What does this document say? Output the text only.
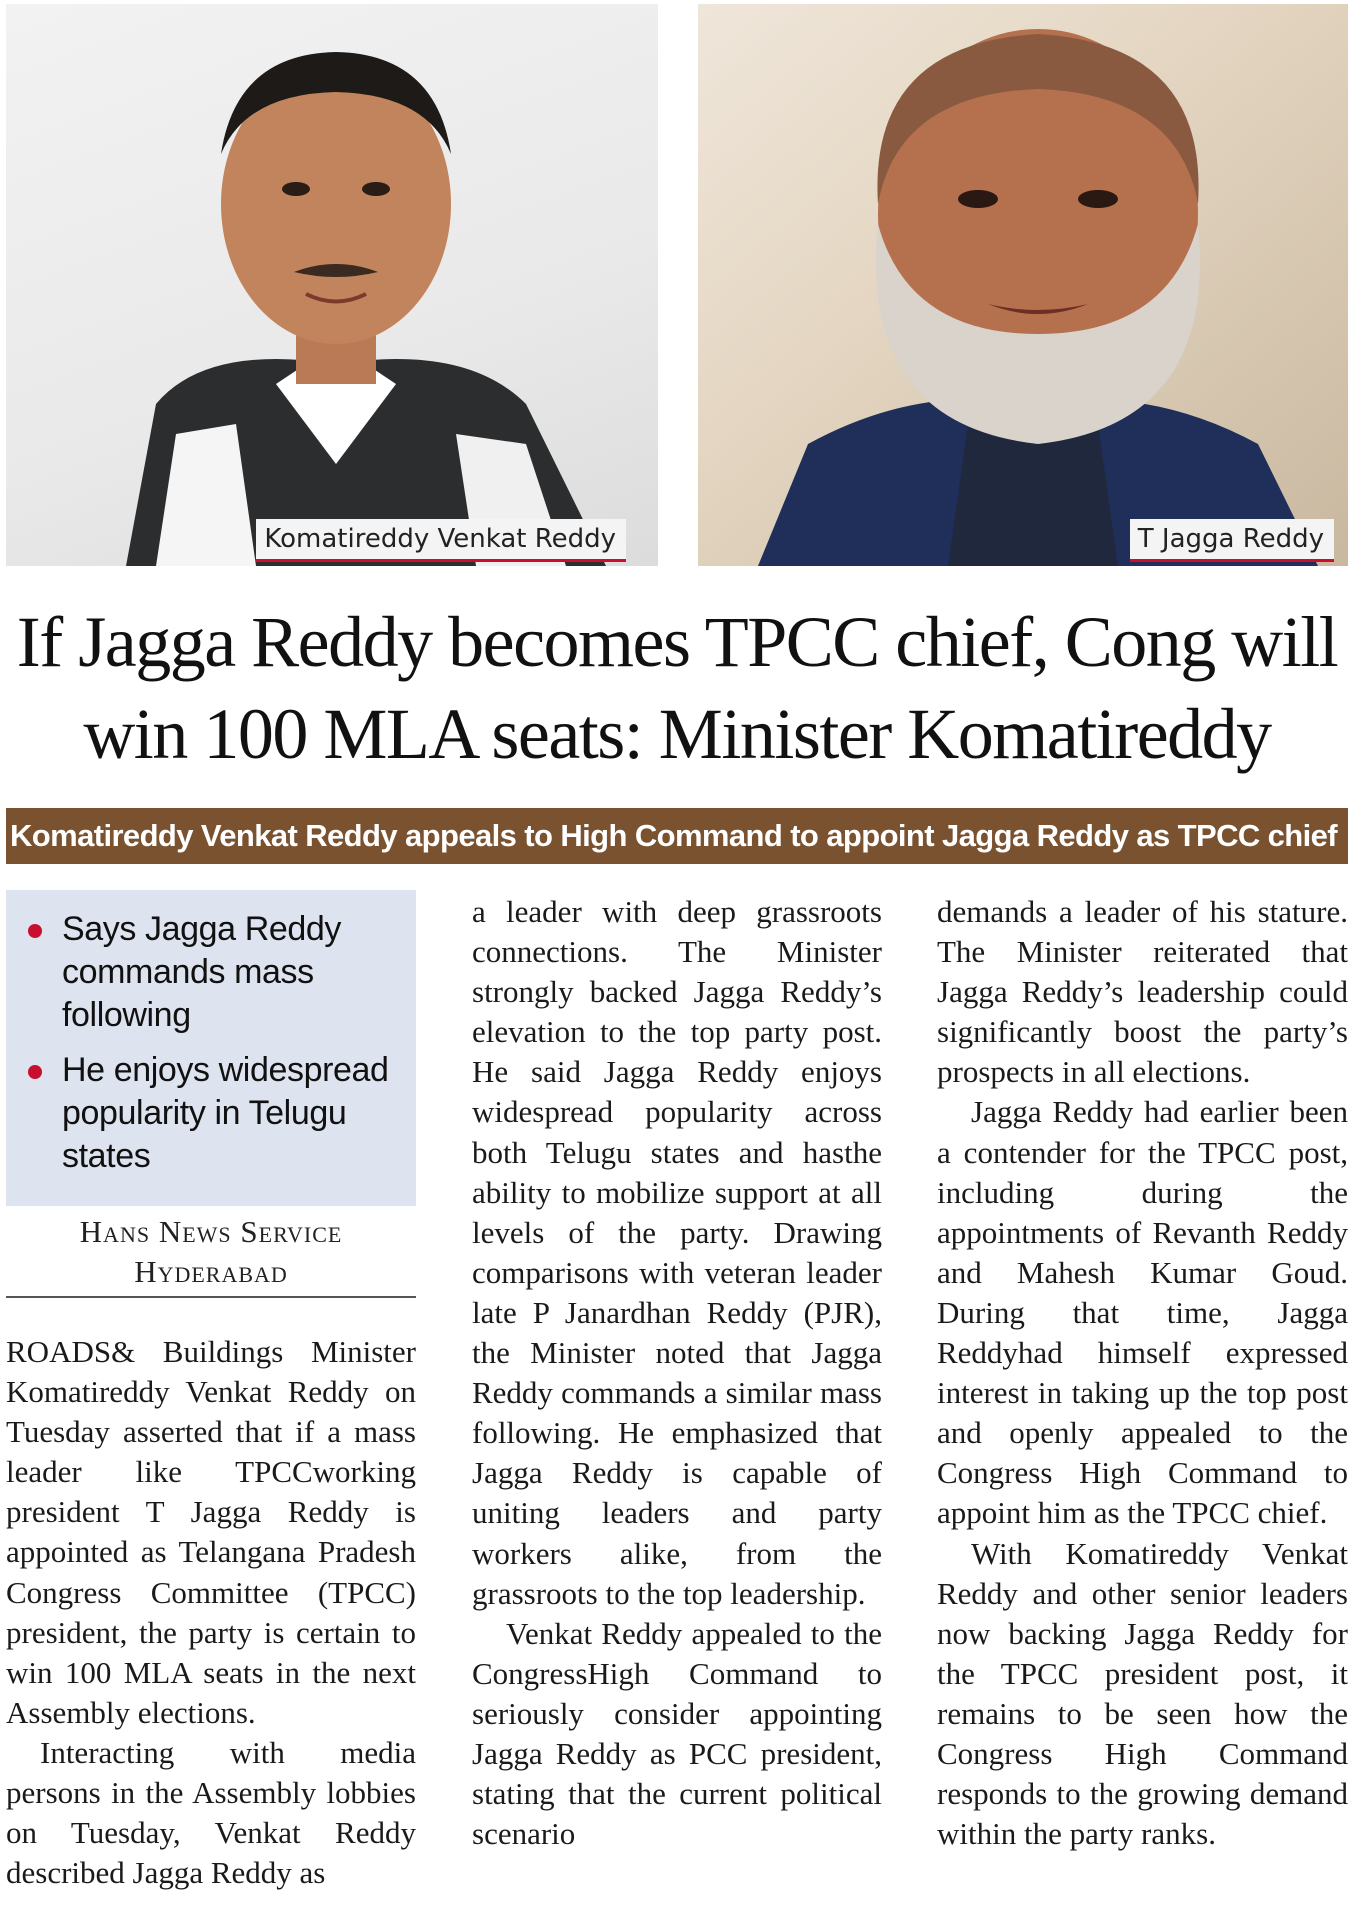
Komatireddy Venkat Reddy	T Jagga Reddy
If Jagga Reddy becomes TPCC chief, Cong will
win 100 MLA seats: Minister Komatireddy
Komatireddy Venkat Reddy appeals to High Command to appoint Jagga Reddy as TPCC chief
Says Jagga Reddy commands mass following
He enjoys widespread popularity in Telugu states
Hans News Service
Hyderabad

ROADS& Buildings Minister Komatireddy Venkat Reddy on Tuesday asserted that if a mass leader like TPCCworking president T Jagga Reddy is appointed as Telangana Pradesh Congress Committee (TPCC) president, the party is certain to win 100 MLA seats in the next Assembly elections.

Interacting with media persons in the Assembly lobbies on Tuesday, Venkat Reddy described Jagga Reddy as

a leader with deep grassroots connections. The Minister strongly backed Jagga Reddy’s elevation to the top party post. He said Jagga Reddy enjoys widespread popularity across both Telugu states and hasthe ability to mobilize support at all levels of the party. Drawing comparisons with veteran leader late P Janardhan Reddy (PJR), the Minister noted that Jagga Reddy commands a similar mass following. He emphasized that Jagga Reddy is capable of uniting leaders and party workers alike, from the grassroots to the top leadership.

Venkat Reddy appealed to the CongressHigh Command to seriously consider appointing Jagga Reddy as PCC president, stating that the current political scenario

demands a leader of his stature. The Minister reiterated that Jagga Reddy’s leadership could significantly boost the party’s prospects in all elections.

Jagga Reddy had earlier been a contender for the TPCC post, including during the appointments of Revanth Reddy and Mahesh Kumar Goud. During that time, Jagga Reddyhad himself expressed interest in taking up the top post and openly appealed to the Congress High Command to appoint him as the TPCC chief.

With Komatireddy Venkat Reddy and other senior leaders now backing Jagga Reddy for the TPCC president post, it remains to be seen how the Congress High Command responds to the growing demand within the party ranks.
